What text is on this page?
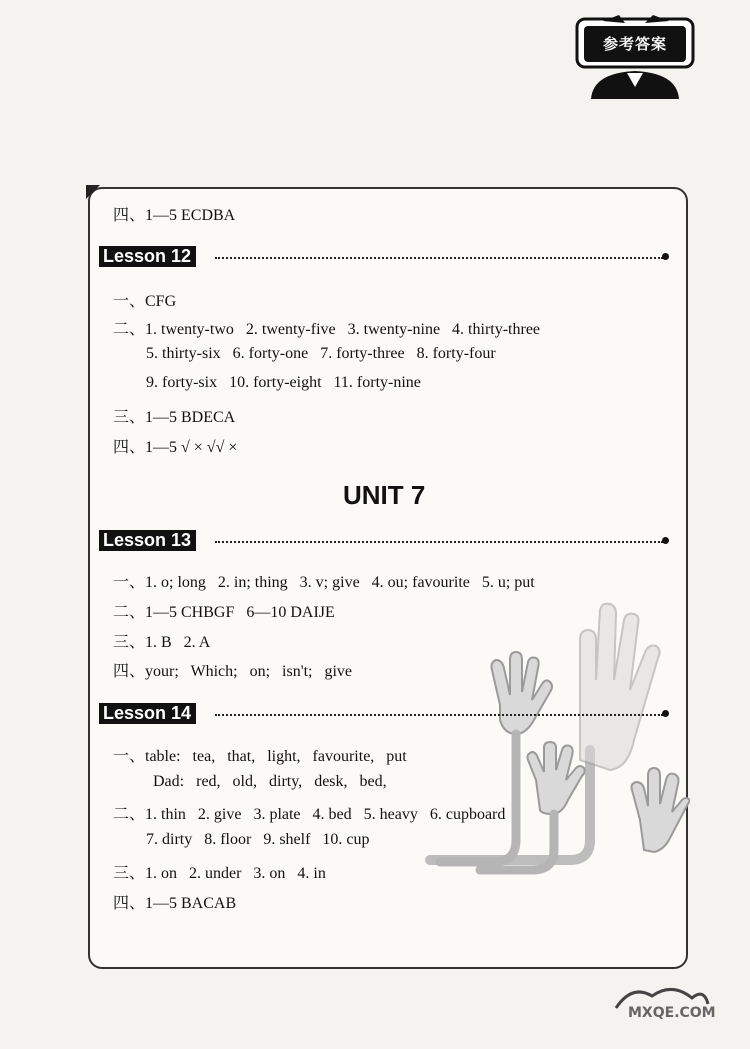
参考答案
四、1—5 ECDBA
Lesson 12
一、CFG
二、1. twenty-two   2. twenty-five   3. twenty-nine   4. thirty-three
5. thirty-six   6. forty-one   7. forty-three   8. forty-four
9. forty-six   10. forty-eight   11. forty-nine
三、1—5 BDECA
四、1—5 √ × √√ ×
UNIT 7
Lesson 13
一、1. o; long   2. in; thing   3. v; give   4. ou; favourite   5. u; put
二、1—5 CHBGF   6—10 DAIJE
三、1. B   2. A
四、your;   Which;   on;   isn't;   give
Lesson 14
一、table: tea, that, light, favourite, put
Dad: red, old, dirty, desk, bed,
二、1. thin   2. give   3. plate   4. bed   5. heavy   6. cupboard
7. dirty   8. floor   9. shelf   10. cup
三、1. on   2. under   3. on   4. in
四、1—5 BACAB
MXQE.COM
